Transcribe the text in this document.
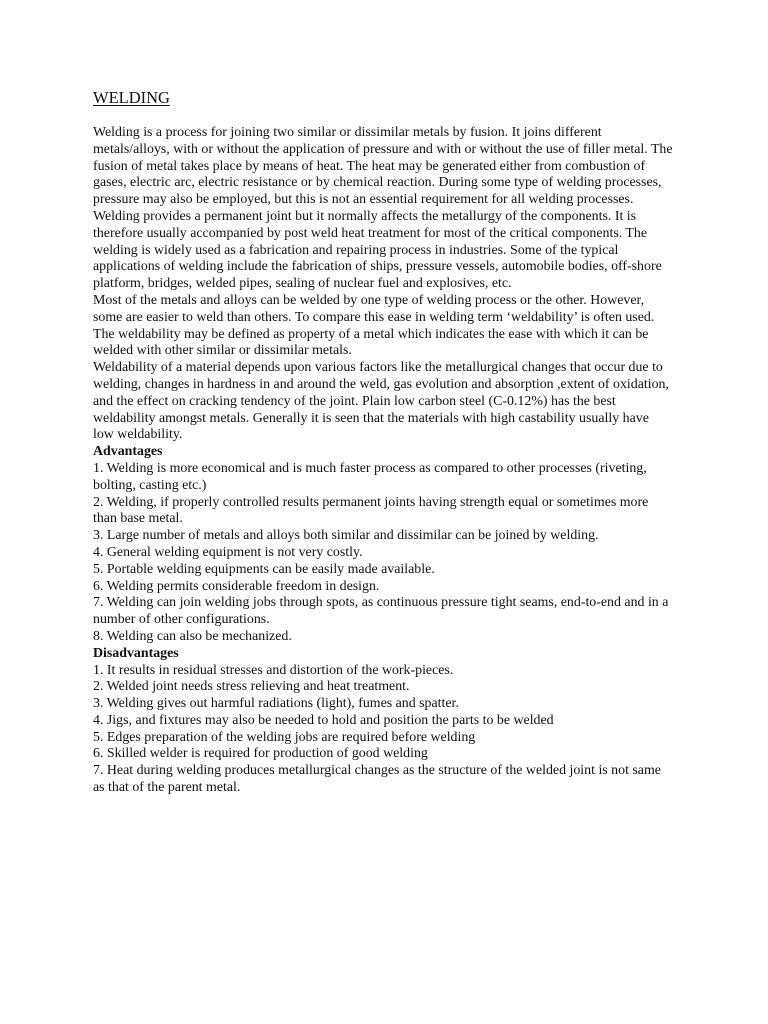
WELDING

Welding is a process for joining two similar or dissimilar metals by fusion. It joins different metals/alloys, with or without the application of pressure and with or without the use of filler metal. The fusion of metal takes place by means of heat. The heat may be generated either from combustion of gases, electric arc, electric resistance or by chemical reaction. During some type of welding processes, pressure may also be employed, but this is not an essential requirement for all welding processes. Welding provides a permanent joint but it normally affects the metallurgy of the components. It is therefore usually accompanied by post weld heat treatment for most of the critical components. The welding is widely used as a fabrication and repairing process in industries. Some of the typical applications of welding include the fabrication of ships, pressure vessels, automobile bodies, off-shore platform, bridges, welded pipes, sealing of nuclear fuel and explosives, etc.

Most of the metals and alloys can be welded by one type of welding process or the other. However, some are easier to weld than others. To compare this ease in welding term ‘weldability’ is often used. The weldability may be defined as property of a metal which indicates the ease with which it can be welded with other similar or dissimilar metals.

Weldability of a material depends upon various factors like the metallurgical changes that occur due to welding, changes in hardness in and around the weld, gas evolution and absorption ,extent of oxidation, and the effect on cracking tendency of the joint. Plain low carbon steel (C-0.12%) has the best weldability amongst metals. Generally it is seen that the materials with high castability usually have low weldability.

Advantages
1. Welding is more economical and is much faster process as compared to other processes (riveting, bolting, casting etc.)
2. Welding, if properly controlled results permanent joints having strength equal or sometimes more than base metal.
3. Large number of metals and alloys both similar and dissimilar can be joined by welding.
4. General welding equipment is not very costly.
5. Portable welding equipments can be easily made available.
6. Welding permits considerable freedom in design.
7. Welding can join welding jobs through spots, as continuous pressure tight seams, end-to-end and in a number of other configurations.
8. Welding can also be mechanized.
Disadvantages
1. It results in residual stresses and distortion of the work-pieces.
2. Welded joint needs stress relieving and heat treatment.
3. Welding gives out harmful radiations (light), fumes and spatter.
4. Jigs, and fixtures may also be needed to hold and position the parts to be welded
5. Edges preparation of the welding jobs are required before welding
6. Skilled welder is required for production of good welding
7. Heat during welding produces metallurgical changes as the structure of the welded joint is not same as that of the parent metal.
